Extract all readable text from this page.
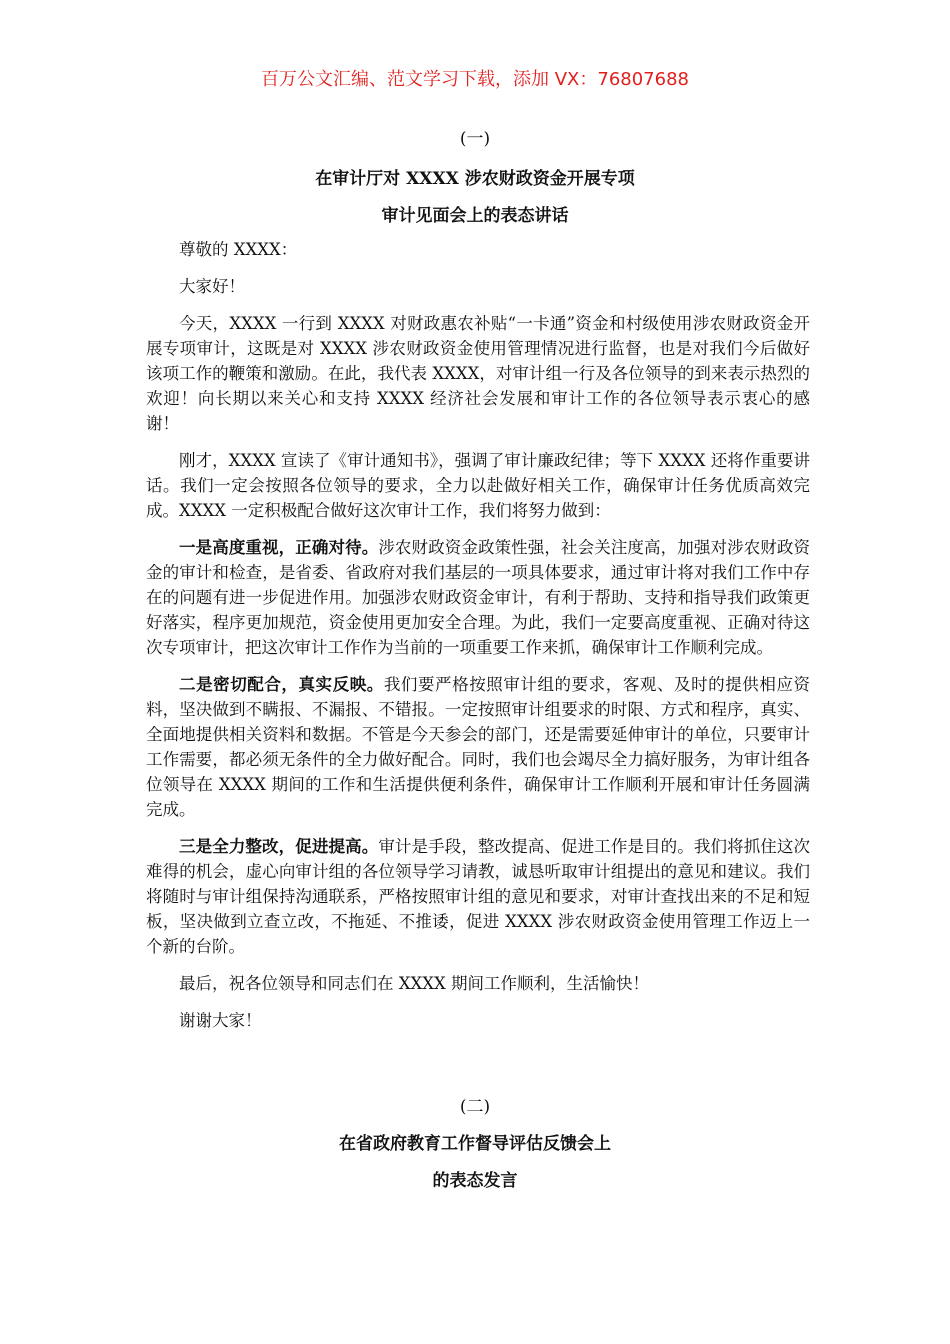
百万公文汇编、范文学习下载，添加 VX：76807688
(一)
在审计厅对 XXXX 涉农财政资金开展专项
审计见面会上的表态讲话

尊敬的 XXXX：

大家好！

今天，XXXX 一行到 XXXX 对财政惠农补贴“一卡通”资金和村级使用涉农财政资金开展专项审计，这既是对 XXXX 涉农财政资金使用管理情况进行监督，也是对我们今后做好该项工作的鞭策和激励。在此，我代表 XXXX，对审计组一行及各位领导的到来表示热烈的欢迎！向长期以来关心和支持 XXXX 经济社会发展和审计工作的各位领导表示衷心的感谢！

刚才，XXXX 宣读了《审计通知书》，强调了审计廉政纪律；等下 XXXX 还将作重要讲话。我们一定会按照各位领导的要求，全力以赴做好相关工作，确保审计任务优质高效完成。XXXX 一定积极配合做好这次审计工作，我们将努力做到：

一是高度重视，正确对待。涉农财政资金政策性强，社会关注度高，加强对涉农财政资金的审计和检查，是省委、省政府对我们基层的一项具体要求，通过审计将对我们工作中存在的问题有进一步促进作用。加强涉农财政资金审计，有利于帮助、支持和指导我们政策更好落实，程序更加规范，资金使用更加安全合理。为此，我们一定要高度重视、正确对待这次专项审计，把这次审计工作作为当前的一项重要工作来抓，确保审计工作顺利完成。

二是密切配合，真实反映。我们要严格按照审计组的要求，客观、及时的提供相应资料，坚决做到不瞒报、不漏报、不错报。一定按照审计组要求的时限、方式和程序，真实、全面地提供相关资料和数据。不管是今天参会的部门，还是需要延伸审计的单位，只要审计工作需要，都必须无条件的全力做好配合。同时，我们也会竭尽全力搞好服务，为审计组各位领导在 XXXX 期间的工作和生活提供便利条件，确保审计工作顺利开展和审计任务圆满完成。

三是全力整改，促进提高。审计是手段，整改提高、促进工作是目的。我们将抓住这次难得的机会，虚心向审计组的各位领导学习请教，诚恳听取审计组提出的意见和建议。我们将随时与审计组保持沟通联系，严格按照审计组的意见和要求，对审计查找出来的不足和短板，坚决做到立查立改，不拖延、不推诿，促进 XXXX 涉农财政资金使用管理工作迈上一个新的台阶。

最后，祝各位领导和同志们在 XXXX 期间工作顺利，生活愉快！

谢谢大家！

(二)
在省政府教育工作督导评估反馈会上
的表态发言
